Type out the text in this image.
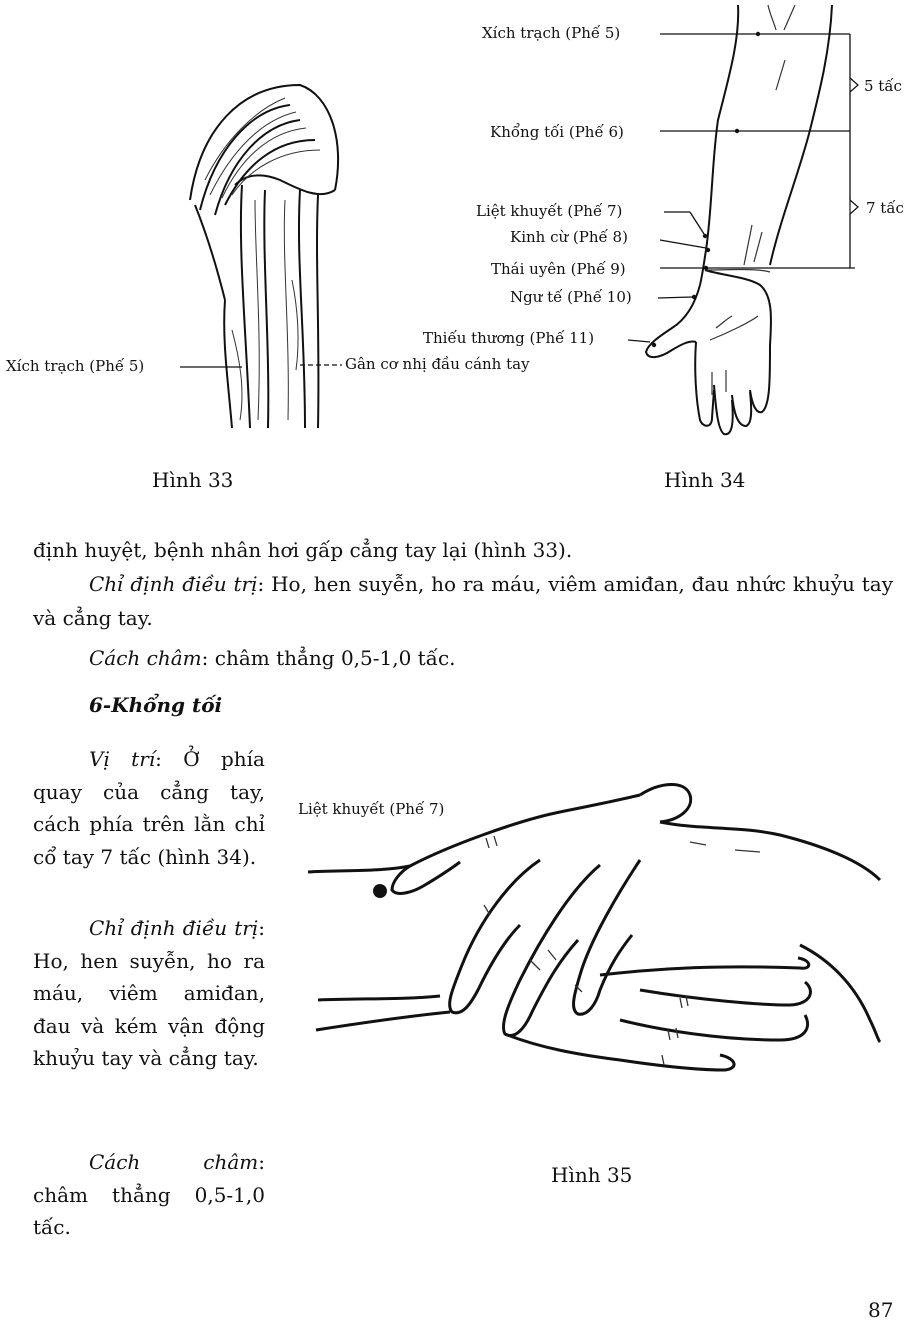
Xích trạch (Phế 5)	Gân cơ nhị đầu cánh tay
Hình 33
Xích trạch (Phế 5)
Khổng tối (Phế 6)
Liệt khuyết (Phế 7)
Kinh cừ (Phế 8)
Thái uyên (Phế 9)
Ngư tế (Phế 10)
Thiếu thương (Phế 11)
5 tấc
7 tấc
Hình 34
định huyệt, bệnh nhân hơi gấp cẳng tay lại (hình 33).
Chỉ định điều trị: Ho, hen suyễn, ho ra máu, viêm amiđan, đau nhức khuỷu tay và cẳng tay.
Cách châm: châm thẳng 0,5-1,0 tấc.
6-Khổng tối
Vị trí: Ở phía quay của cẳng tay, cách phía trên lằn chỉ cổ tay 7 tấc (hình 34).
Chỉ định điều trị: Ho, hen suyễn, ho ra máu, viêm amiđan, đau và kém vận động khuỷu tay và cẳng tay.
Cách châm: châm thẳng 0,5-1,0 tấc.
Liệt khuyết (Phế 7)
Hình 35
87
